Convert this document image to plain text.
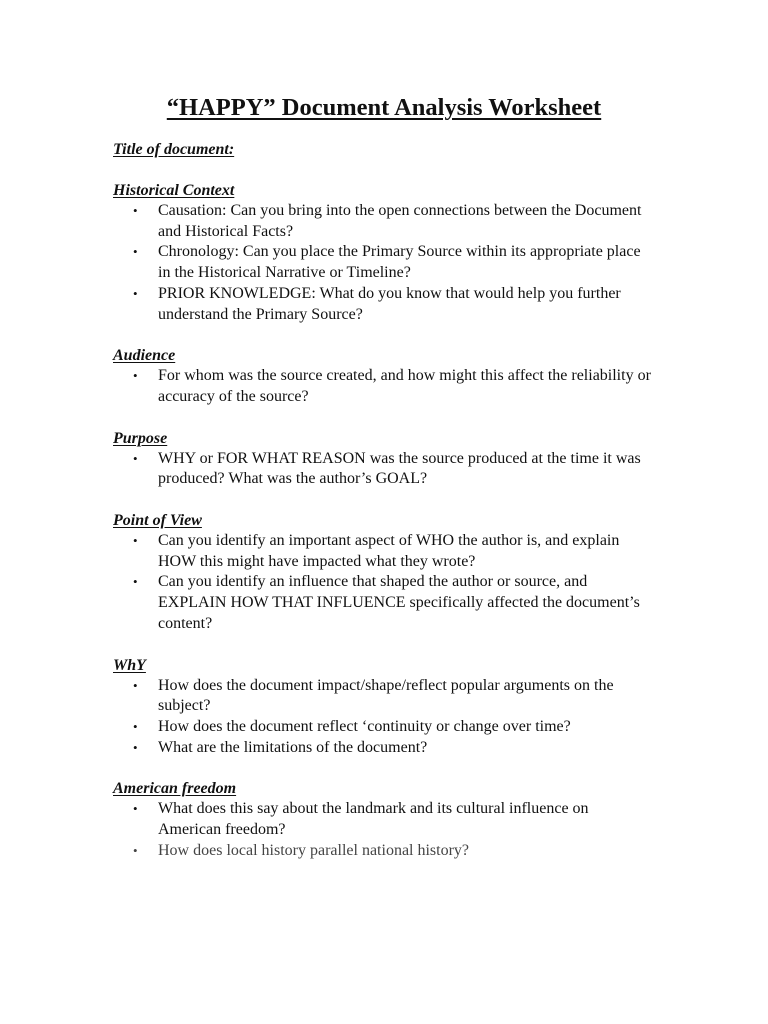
“HAPPY” Document Analysis Worksheet
Title of document:
Historical Context
• Causation: Can you bring into the open connections between the Document and Historical Facts?
• Chronology: Can you place the Primary Source within its appropriate place in the Historical Narrative or Timeline?
• PRIOR KNOWLEDGE: What do you know that would help you further understand the Primary Source?
Audience
• For whom was the source created, and how might this affect the reliability or accuracy of the source?
Purpose
• WHY or FOR WHAT REASON was the source produced at the time it was produced? What was the author’s GOAL?
Point of View
• Can you identify an important aspect of WHO the author is, and explain HOW this might have impacted what they wrote?
• Can you identify an influence that shaped the author or source, and EXPLAIN HOW THAT INFLUENCE specifically affected the document’s content?
WhY
• How does the document impact/shape/reflect popular arguments on the subject?
• How does the document reflect ‘continuity or change over time?
• What are the limitations of the document?
American freedom
• What does this say about the landmark and its cultural influence on American freedom?
• How does local history parallel national history?
